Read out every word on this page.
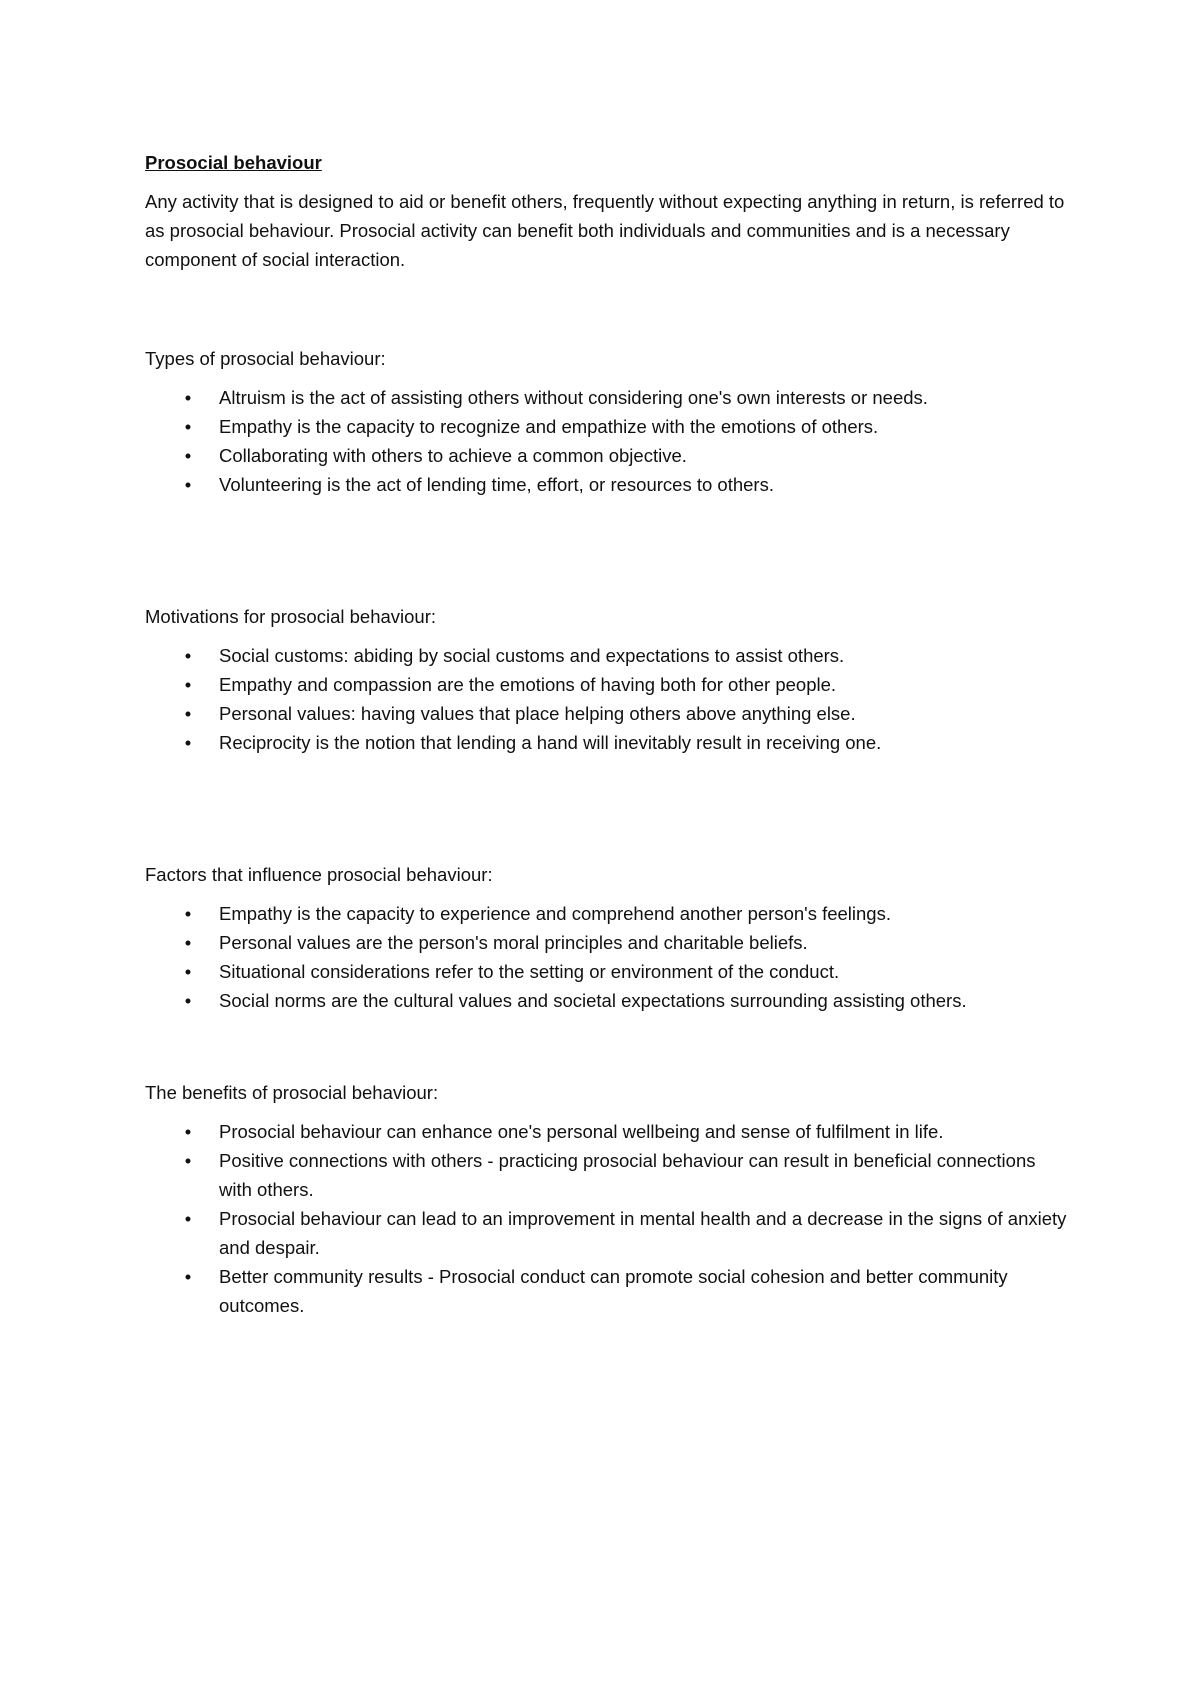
Prosocial behaviour

Any activity that is designed to aid or benefit others, frequently without expecting anything in return, is referred to as prosocial behaviour. Prosocial activity can benefit both individuals and communities and is a necessary component of social interaction.

Types of prosocial behaviour:

• Altruism is the act of assisting others without considering one's own interests or needs.
• Empathy is the capacity to recognize and empathize with the emotions of others.
• Collaborating with others to achieve a common objective.
• Volunteering is the act of lending time, effort, or resources to others.

Motivations for prosocial behaviour:

• Social customs: abiding by social customs and expectations to assist others.
• Empathy and compassion are the emotions of having both for other people.
• Personal values: having values that place helping others above anything else.
• Reciprocity is the notion that lending a hand will inevitably result in receiving one.

Factors that influence prosocial behaviour:

• Empathy is the capacity to experience and comprehend another person's feelings.
• Personal values are the person's moral principles and charitable beliefs.
• Situational considerations refer to the setting or environment of the conduct.
• Social norms are the cultural values and societal expectations surrounding assisting others.

The benefits of prosocial behaviour:

• Prosocial behaviour can enhance one's personal wellbeing and sense of fulfilment in life.
• Positive connections with others - practicing prosocial behaviour can result in beneficial connections with others.
• Prosocial behaviour can lead to an improvement in mental health and a decrease in the signs of anxiety and despair.
• Better community results - Prosocial conduct can promote social cohesion and better community outcomes.
